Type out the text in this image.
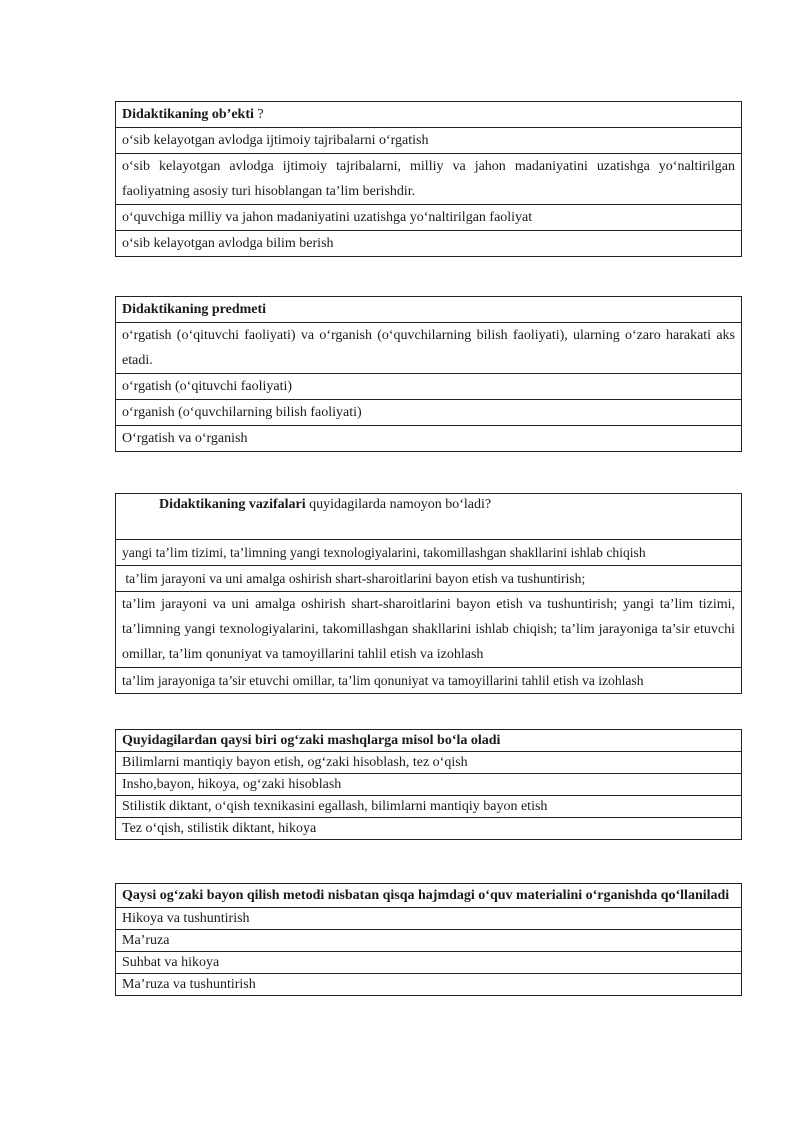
Didaktikaning ob’ekti ?
o‘sib kelayotgan avlodga ijtimoiy tajribalarni o‘rgatish
o‘sib kelayotgan avlodga ijtimoiy tajribalarni, milliy va jahon madaniyatini uzatishga yo‘naltirilgan faoliyatning asosiy turi hisoblangan ta’lim berishdir.
o‘quvchiga milliy va jahon madaniyatini uzatishga yo‘naltirilgan faoliyat
o‘sib kelayotgan avlodga bilim berish
Didaktikaning predmeti
o‘rgatish (o‘qituvchi faoliyati) va o‘rganish (o‘quvchilarning bilish faoliyati), ularning o‘zaro harakati aks etadi.
o‘rgatish (o‘qituvchi faoliyati)
o‘rganish (o‘quvchilarning bilish faoliyati)
O‘rgatish va o‘rganish
Didaktikaning vazifalari quyidagilarda namoyon bo‘ladi?
yangi ta’lim tizimi, ta’limning yangi texnologiyalarini, takomillashgan shakllarini ishlab chiqish
ta’lim jarayoni va uni amalga oshirish shart-sharoitlarini bayon etish va tushuntirish;
ta’lim jarayoni va uni amalga oshirish shart-sharoitlarini bayon etish va tushuntirish; yangi ta’lim tizimi, ta’limning yangi texnologiyalarini, takomillashgan shakllarini ishlab chiqish; ta’lim jarayoniga ta’sir etuvchi omillar, ta’lim qonuniyat va tamoyillarini tahlil etish va izohlash
ta’lim jarayoniga ta’sir etuvchi omillar, ta’lim qonuniyat va tamoyillarini tahlil etish va izohlash
Quyidagilardan qaysi biri og‘zaki mashqlarga misol bo‘la oladi
Bilimlarni mantiqiy bayon etish, og‘zaki hisoblash, tez o‘qish
Insho,bayon, hikoya, og‘zaki hisoblash
Stilistik diktant, o‘qish texnikasini egallash, bilimlarni mantiqiy bayon etish
Tez o‘qish, stilistik diktant, hikoya
Qaysi og‘zaki bayon qilish metodi nisbatan qisqa hajmdagi o‘quv materialini o‘rganishda qo‘llaniladi
Hikoya va tushuntirish
Ma’ruza
Suhbat va hikoya
Ma’ruza va tushuntirish
